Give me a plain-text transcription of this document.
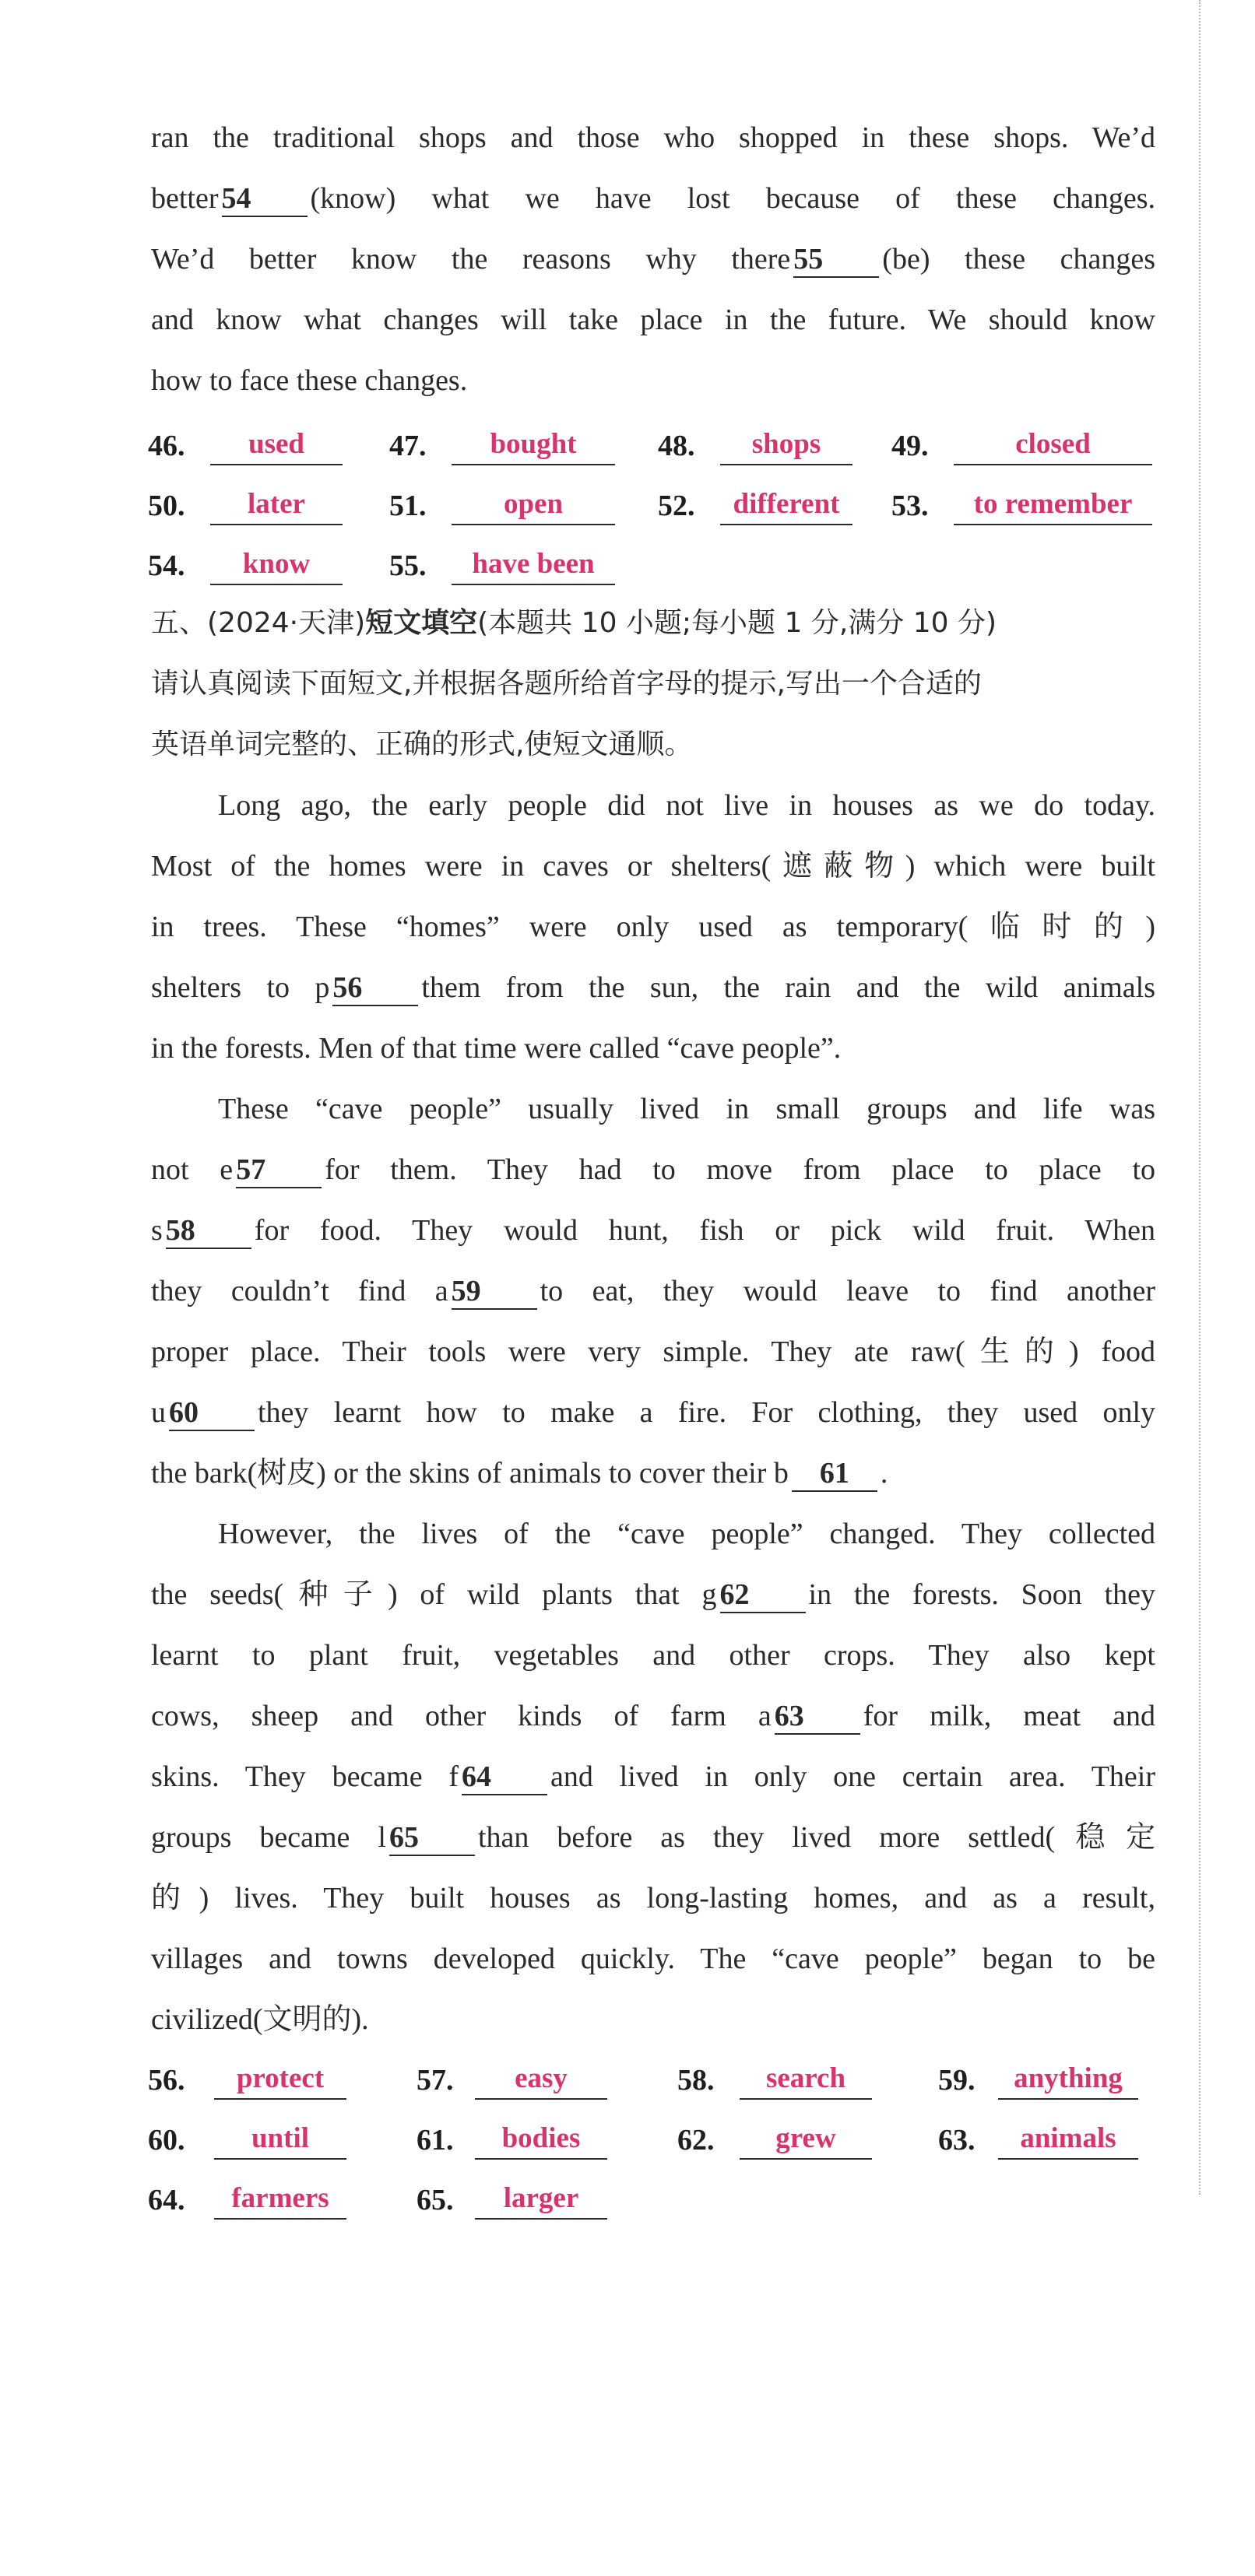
ran the traditional shops and those who shopped in these shops. We’d
better 54 (know) what we have lost because of these changes.
We’d better know the reasons why there 55 (be) these changes
and know what changes will take place in the future. We should know
how to face these changes.
46.	used	47.	bought	48.	shops	49.	closed
50.	later	51.	open	52.	different	53.	to remember
54.	know	55.	have been
五、(2024·天津)短文填空(本题共 10 小题;每小题 1 分,满分 10 分)
请认真阅读下面短文,并根据各题所给首字母的提示,写出一个合适的
英语单词完整的、正确的形式,使短文通顺。
Long ago, the early people did not live in houses as we do today.
Most of the homes were in caves or shelters(遮蔽物) which were built
in trees. These “homes” were only used as temporary(临时的)
shelters to p 56 them from the sun, the rain and the wild animals
in the forests. Men of that time were called “cave people”.
These “cave people” usually lived in small groups and life was
not e 57 for them. They had to move from place to place to
s 58 for food. They would hunt, fish or pick wild fruit. When
they couldn’t find a 59 to eat, they would leave to find another
proper place. Their tools were very simple. They ate raw(生的) food
u 60 they learnt how to make a fire. For clothing, they used only
the bark(树皮) or the skins of animals to cover their b 61 .
However, the lives of the “cave people” changed. They collected
the seeds(种子) of wild plants that g 62 in the forests. Soon they
learnt to plant fruit, vegetables and other crops. They also kept
cows, sheep and other kinds of farm a 63 for milk, meat and
skins. They became f 64 and lived in only one certain area. Their
groups became l 65 than before as they lived more settled(稳定
的) lives. They built houses as long-lasting homes, and as a result,
villages and towns developed quickly. The “cave people” began to be
civilized(文明的).
56.	protect	57.	easy	58.	search	59.	anything
60.	until	61.	bodies	62.	grew	63.	animals
64.	farmers	65.	larger
